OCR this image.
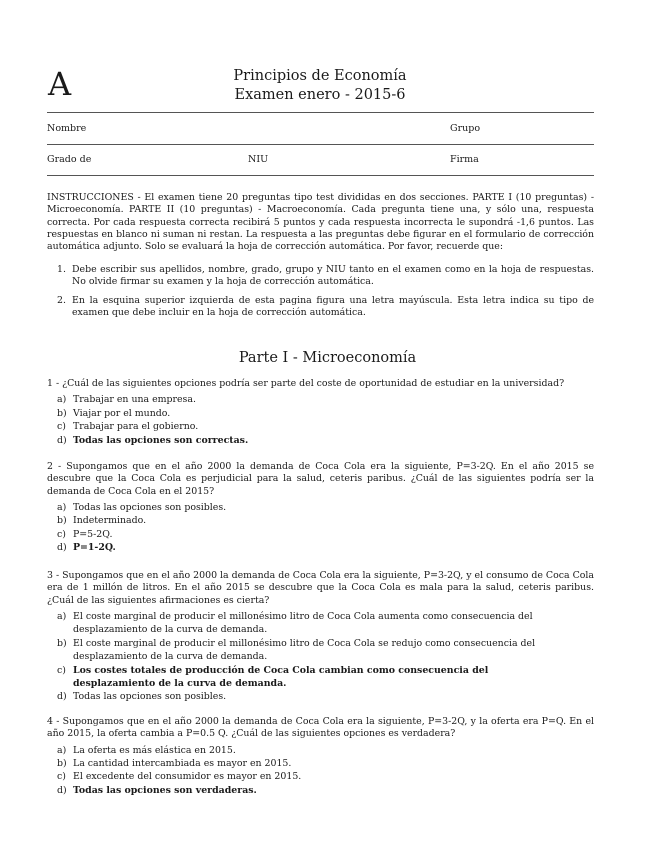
A	Principios de Economía
Examen enero - 2015-6
Nombre	Grupo
Grado de	NIU	Firma

INSTRUCCIONES - El examen tiene 20 preguntas tipo test divididas en dos secciones. PARTE I (10 preguntas) - Microeconomía. PARTE II (10 preguntas) - Macroeconomía. Cada pregunta tiene una, y sólo una, respuesta correcta. Por cada respuesta correcta recibirá 5 puntos y cada respuesta incorrecta le supondrá -1,6 puntos. Las respuestas en blanco ni suman ni restan. La respuesta a las preguntas debe figurar en el formulario de corrección automática adjunto. Solo se evaluará la hoja de corrección automática. Por favor, recuerde que:

1. Debe escribir sus apellidos, nombre, grado, grupo y NIU tanto en el examen como en la hoja de respuestas. No olvide firmar su examen y la hoja de corrección automática.
2. En la esquina superior izquierda de esta pagina figura una letra mayúscula. Esta letra indica su tipo de examen que debe incluir en la hoja de corrección automática.
Parte I - Microeconomía

1 - ¿Cuál de las siguientes opciones podría ser parte del coste de oportunidad de estudiar en la universidad?

a) Trabajar en una empresa.
b) Viajar por el mundo.
c) Trabajar para el gobierno.
d) Todas las opciones son correctas.

2 - Supongamos que en el año 2000 la demanda de Coca Cola era la siguiente, P=3-2Q. En el año 2015 se descubre que la Coca Cola es perjudicial para la salud, ceteris paribus. ¿Cuál de las siguientes podría ser la demanda de Coca Cola en el 2015?

a) Todas las opciones son posibles.
b) Indeterminado.
c) P=5-2Q.
d) P=1-2Q.

3 - Supongamos que en el año 2000 la demanda de Coca Cola era la siguiente, P=3-2Q, y el consumo de Coca Cola era de 1 millón de litros. En el año 2015 se descubre que la Coca Cola es mala para la salud, ceteris paribus. ¿Cuál de las siguientes afirmaciones es cierta?

a) El coste marginal de producir el millonésimo litro de Coca Cola aumenta como consecuencia del desplazamiento de la curva de demanda.
b) El coste marginal de producir el millonésimo litro de Coca Cola se redujo como consecuencia del desplazamiento de la curva de demanda.
c) Los costes totales de producción de Coca Cola cambian como consecuencia del desplazamiento de la curva de demanda.
d) Todas las opciones son posibles.

4 - Supongamos que en el año 2000 la demanda de Coca Cola era la siguiente, P=3-2Q, y la oferta era P=Q. En el año 2015, la oferta cambia a P=0.5 Q. ¿Cuál de las siguientes opciones es verdadera?

a) La oferta es más elástica en 2015.
b) La cantidad intercambiada es mayor en 2015.
c) El excedente del consumidor es mayor en 2015.
d) Todas las opciones son verdaderas.
